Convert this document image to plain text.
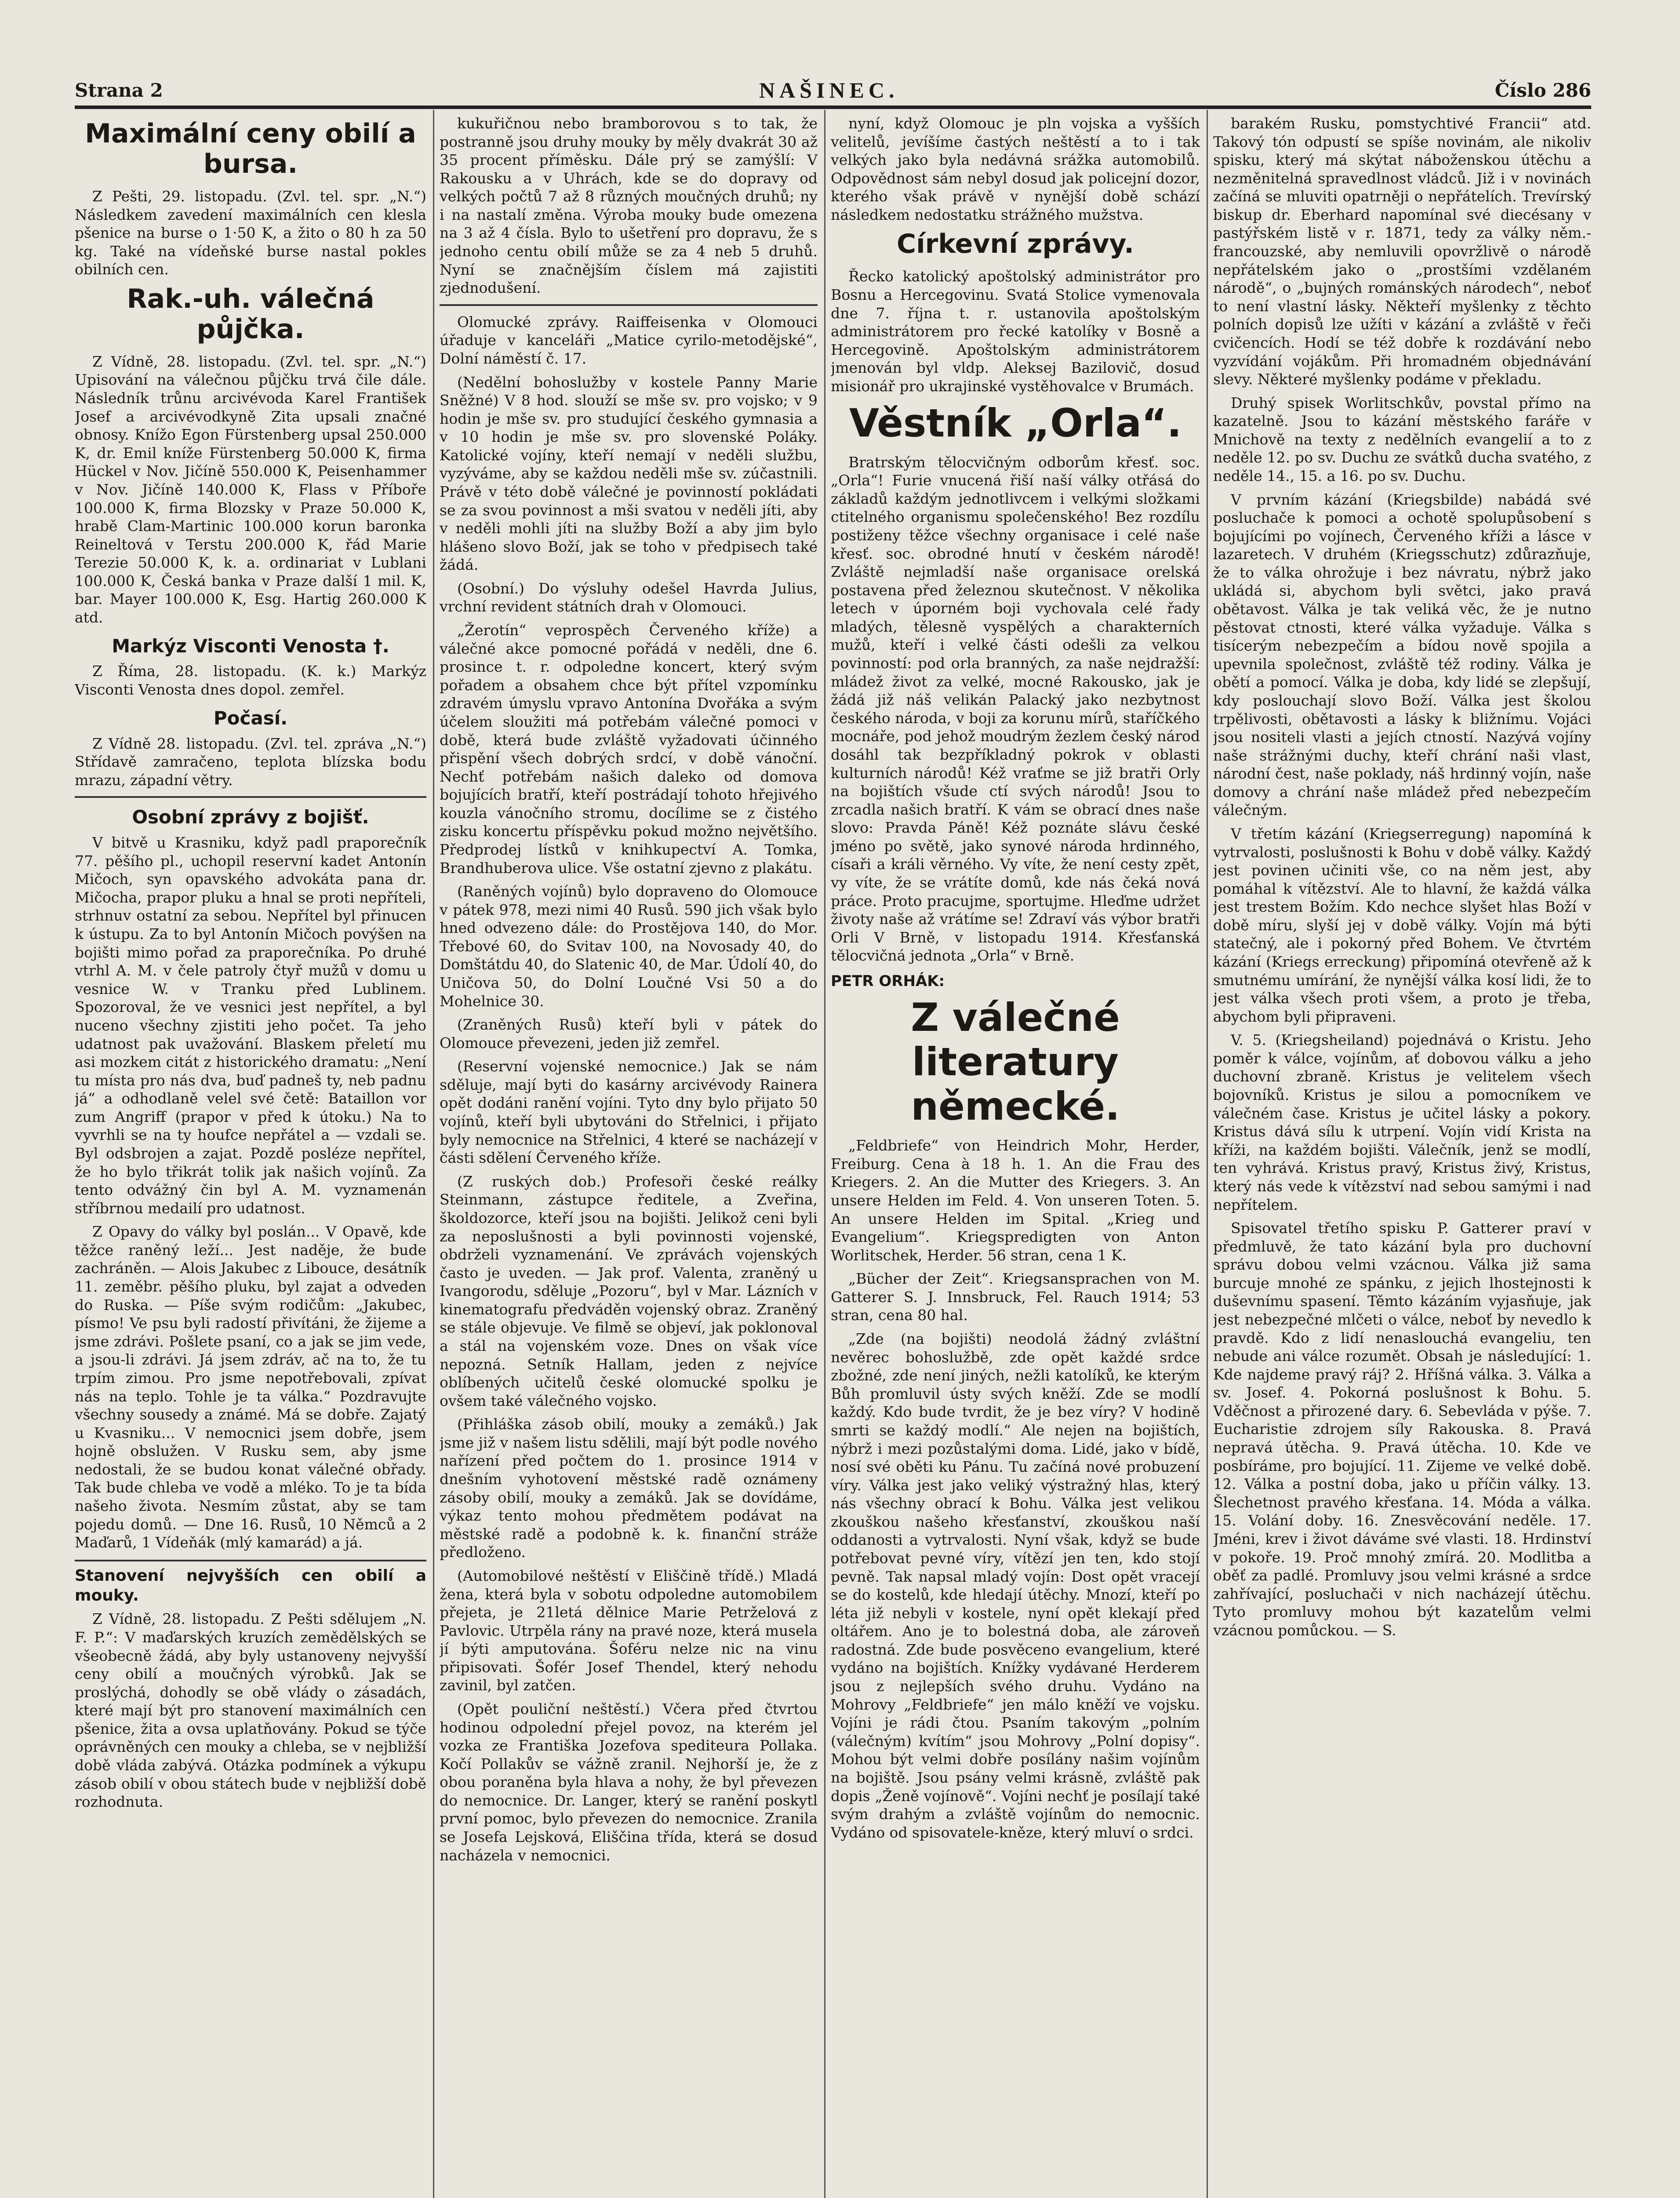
Strana 2	NAŠINEC.	Číslo 286
Maximální ceny obilí a bursa.

Z Pešti, 29. listopadu. (Zvl. tel. spr. „N.“) Následkem zavedení maximálních cen klesla pšenice na burse o 1·50 K, a žito o 80 h za 50 kg. Také na vídeňské burse nastal pokles obilních cen.

Rak.-uh. válečná půjčka.

Z Vídně, 28. listopadu. (Zvl. tel. spr. „N.“) Upisování na válečnou půjčku trvá čile dále. Následník trůnu arcivévoda Karel František Josef a arcivévodkyně Zita upsali značné obnosy. Knížo Egon Fürstenberg upsal 250.000 K, dr. Emil kníže Fürstenberg 50.000 K, firma Hückel v Nov. Jičíně 550.000 K, Peisenhammer v Nov. Jičíně 140.000 K, Flass v Příboře 100.000 K, firma Blozsky v Praze 50.000 K, hrabě Clam-Martinic 100.000 korun baronka Reineltová v Terstu 200.000 K, řád Marie Terezie 50.000 K, k. a. ordinariat v Lublani 100.000 K, Česká banka v Praze další 1 mil. K, bar. Mayer 100.000 K, Esg. Hartig 260.000 K atd.

Markýz Visconti Venosta †.

Z Říma, 28. listopadu. (K. k.) Markýz Visconti Venosta dnes dopol. zemřel.

Počasí.

Z Vídně 28. listopadu. (Zvl. tel. zpráva „N.“) Střídavě zamračeno, teplota blízska bodu mrazu, západní větry.

Osobní zprávy z bojišť.

V bitvě u Krasniku, když padl praporečník 77. pěšího pl., uchopil reservní kadet Antonín Mičoch, syn opavského advokáta pana dr. Mičocha, prapor pluku a hnal se proti nepříteli, strhnuv ostatní za sebou. Nepřítel byl přinucen k ústupu. Za to byl Antonín Mičoch povýšen na bojišti mimo pořad za praporečníka. Po druhé vtrhl A. M. v čele patroly čtyř mužů v domu u vesnice W. v Tranku před Lublinem. Spozoroval, že ve vesnici jest nepřítel, a byl nuceno všechny zjistiti jeho počet. Ta jeho udatnost pak uvažování. Blaskem přeletí mu asi mozkem citát z historického dramatu: „Není tu místa pro nás dva, buď padneš ty, neb padnu já“ a odhodlaně velel své četě: Bataillon vor zum Angriff (prapor v před k útoku.) Na to vyvrhli se na ty houfce nepřátel a — vzdali se. Byl odsbrojen a zajat. Pozdě posléze nepřítel, že ho bylo třikrát tolik jak našich vojínů. Za tento odvážný čin byl A. M. vyznamenán stříbrnou medailí pro udatnost.

Z Opavy do války byl poslán... V Opavě, kde těžce raněný leží... Jest naděje, že bude zachráněn. — Alois Jakubec z Libouce, desátník 11. zeměbr. pěšího pluku, byl zajat a odveden do Ruska. — Píše svým rodičům: „Jakubec, písmo! Ve psu byli radostí přivítáni, že žijeme a jsme zdrávi. Pošlete psaní, co a jak se jim vede, a jsou-li zdrávi. Já jsem zdráv, ač na to, že tu trpím zimou. Pro jsme nepotřebovali, zpívat nás na teplo. Tohle je ta válka.“ Pozdravujte všechny sousedy a známé. Má se dobře. Zajatý u Kvasniku... V nemocnici jsem dobře, jsem hojně obslužen. V Rusku sem, aby jsme nedostali, že se budou konat válečné obřady. Tak bude chleba ve vodě a mléko. To je ta bída našeho života. Nesmím zůstat, aby se tam pojedu domů. — Dne 16. Rusů, 10 Němců a 2 Maďarů, 1 Vídeňák (mlý kamarád) a já.

Stanovení nejvyšších cen obilí a mouky.

Z Vídně, 28. listopadu. Z Pešti sdělujem „N. F. P.“: V maďarských kruzích zemědělských se všeobecně žádá, aby byly ustanoveny nejvyšší ceny obilí a moučných výrobků. Jak se proslýchá, dohodly se obě vlády o zásadách, které mají být pro stanovení maximálních cen pšenice, žita a ovsa uplatňovány. Pokud se týče oprávněných cen mouky a chleba, se v nejbližší době vláda zabývá. Otázka podmínek a výkupu zásob obilí v obou státech bude v nejbližší době rozhodnuta.

kukuřičnou nebo bramborovou s to tak, že postranně jsou druhy mouky by měly dvakrát 30 až 35 procent příměsku. Dále prý se zamýšlí: V Rakousku a v Uhrách, kde se do dopravy od velkých počtů 7 až 8 různých moučných druhů; ny i na nastalí změna. Výroba mouky bude omezena na 3 až 4 čísla. Bylo to ušetření pro dopravu, že s jednoho centu obilí může se za 4 neb 5 druhů. Nyní se značnějším číslem má zajistiti zjednodušení.

Olomucké zprávy. Raiffeisenka v Olomouci úřaduje v kanceláři „Matice cyrilo-metodějské“, Dolní náměstí č. 17.

(Nedělní bohoslužby v kostele Panny Marie Sněžné) V 8 hod. slouží se mše sv. pro vojsko; v 9 hodin je mše sv. pro studující českého gymnasia a v 10 hodin je mše sv. pro slovenské Poláky. Katolické vojíny, kteří nemají v neděli službu, vyzýváme, aby se každou neděli mše sv. zúčastnili. Právě v této době válečné je povinností pokládati se za svou povinnost a mši svatou v neděli jíti, aby v neděli mohli jíti na služby Boží a aby jim bylo hlášeno slovo Boží, jak se toho v předpisech také žádá.

(Osobní.) Do výsluhy odešel Havrda Julius, vrchní revident státních drah v Olomouci.

„Žerotín“ veprospěch Červeného kříže) a válečné akce pomocné pořádá v neděli, dne 6. prosince t. r. odpoledne koncert, který svým pořadem a obsahem chce být přítel vzpomínku zdravém úmyslu vpravo Antonína Dvořáka a svým účelem sloužiti má potřebám válečné pomoci v době, která bude zvláště vyžadovati účinného přispění všech dobrých srdcí, v době vánoční. Nechť potřebám našich daleko od domova bojujících bratří, kteří postrádají tohoto hřejivého kouzla vánočního stromu, docílime se z čistého zisku koncertu příspěvku pokud možno největšího. Předprodej lístků v knihkupectví A. Tomka, Brandhuberova ulice. Vše ostatní zjevno z plakátu.

(Raněných vojínů) bylo dopraveno do Olomouce v pátek 978, mezi nimi 40 Rusů. 590 jich však bylo hned odvezeno dále: do Prostějova 140, do Mor. Třebové 60, do Svitav 100, na Novosady 40, do Domštátdu 40, do Slatenic 40, de Mar. Údolí 40, do Uničova 50, do Dolní Loučné Vsi 50 a do Mohelnice 30.

(Zraněných Rusů) kteří byli v pátek do Olomouce převezeni, jeden již zemřel.

(Reservní vojenské nemocnice.) Jak se nám sděluje, mají byti do kasárny arcivévody Rainera opět dodáni ranění vojíni. Tyto dny bylo přijato 50 vojínů, kteří byli ubytováni do Střelnici, i přijato byly nemocnice na Střelnici, 4 které se nacházejí v části sdělení Červeného kříže.

(Z ruských dob.) Profesoři české reálky Steinmann, zástupce ředitele, a Zveřina, školdozorce, kteří jsou na bojišti. Jelikož ceni byli za neposlušnosti a byli povinnosti vojenské, obdrželi vyznamenání. Ve zprávách vojenských často je uveden. — Jak prof. Valenta, zraněný u Ivangorodu, sděluje „Pozoru“, byl v Mar. Lázních v kinematografu předváděn vojenský obraz. Zraněný se stále objevuje. Ve filmě se objeví, jak poklonoval a stál na vojenském voze. Dnes on však více nepozná. Setník Hallam, jeden z nejvíce oblíbených učitelů české olomucké spolku je ovšem také válečného vojsko.

(Přihláška zásob obilí, mouky a zemáků.) Jak jsme již v našem listu sdělili, mají být podle nového nařízení před počtem do 1. prosince 1914 v dnešním vyhotovení městské radě oznámeny zásoby obilí, mouky a zemáků. Jak se dovídáme, výkaz tento mohou předmětem podávat na městské radě a podobně k. k. finanční stráže předloženo.

(Automobilové neštěstí v Eliščině třídě.) Mladá žena, která byla v sobotu odpoledne automobilem přejeta, je 21letá dělnice Marie Petrželová z Pavlovic. Utrpěla rány na pravé noze, která musela jí býti amputována. Šoféru nelze nic na vinu připisovati. Šofér Josef Thendel, který nehodu zavinil, byl zatčen.

(Opět pouliční neštěstí.) Včera před čtvrtou hodinou odpolední přejel povoz, na kterém jel vozka ze Františka Jozefova spediteura Pollaka. Kočí Pollakův se vážně zranil. Nejhorší je, že z obou poraněna byla hlava a nohy, že byl převezen do nemocnice. Dr. Langer, který se ranění poskytl první pomoc, bylo převezen do nemocnice. Zranila se Josefa Lejsková, Eliščina třída, která se dosud nacházela v nemocnici.

nyní, když Olomouc je pln vojska a vyšších velitelů, jevíšíme častých neštěstí a to i tak velkých jako byla nedávná srážka automobilů. Odpovědnost sám nebyl dosud jak policejní dozor, kterého však právě v nynější době schází následkem nedostatku strážného mužstva.

Církevní zprávy.

Řecko katolický apoštolský administrátor pro Bosnu a Hercegovinu. Svatá Stolice vymenovala dne 7. října t. r. ustanovila apoštolským administrátorem pro řecké katolíky v Bosně a Hercegovině. Apoštolským administrátorem jmenován byl vldp. Aleksej Bazilovič, dosud misionář pro ukrajinské vystěhovalce v Brumách.

Věstník „Orla“.

Bratrským tělocvičným odborům křesť. soc. „Orla“! Furie vnucená řiší naší války otřásá do základů každým jednotlivcem i velkými složkami ctitelného organismu společenského! Bez rozdílu postiženy těžce všechny organisace i celé naše křesť. soc. obrodné hnutí v českém národě! Zvláště nejmladší naše organisace orelská postavena před železnou skutečnost. V několika letech v úporném boji vychovala celé řady mladých, tělesně vyspělých a charakterních mužů, kteří i velké části odešli za velkou povinností: pod orla branných, za naše nejdražší: mládež život za velké, mocné Rakousko, jak je žádá již náš velikán Palacký jako nezbytnost českého národa, v boji za korunu mírů, staříčkého mocnáře, pod jehož moudrým žezlem český národ dosáhl tak bezpříkladný pokrok v oblasti kulturních národů! Kéž vraťme se již bratři Orly na bojištích všude ctí svých národů! Jsou to zrcadla našich bratří. K vám se obrací dnes naše slovo: Pravda Páně! Kéž poznáte slávu české jméno po světě, jako synové národa hrdinného, císaři a králi věrného. Vy víte, že není cesty zpět, vy víte, že se vrátíte domů, kde nás čeká nová práce. Proto pracujme, sportujme. Hleďme udržet životy naše až vrátíme se! Zdraví vás výbor bratři Orli V Brně, v listopadu 1914. Křesťanská tělocvičná jednota „Orla“ v Brně.

PETR ORHÁK:
Z válečné literatury německé.

„Feldbriefe“ von Heindrich Mohr, Herder, Freiburg. Cena à 18 h. 1. An die Frau des Kriegers. 2. An die Mutter des Kriegers. 3. An unsere Helden im Feld. 4. Von unseren Toten. 5. An unsere Helden im Spital. „Krieg und Evangelium“. Kriegspredigten von Anton Worlitschek, Herder. 56 stran, cena 1 K.

„Bücher der Zeit“. Kriegsansprachen von M. Gatterer S. J. Innsbruck, Fel. Rauch 1914; 53 stran, cena 80 hal.

„Zde (na bojišti) neodolá žádný zvláštní nevěrec bohoslužbě, zde opět každé srdce zbožné, zde není jiných, nežli katolíků, ke kterým Bůh promluvil ústy svých kněží. Zde se modlí každý. Kdo bude tvrdit, že je bez víry? V hodině smrti se každý modlí.“ Ale nejen na bojištích, nýbrž i mezi pozůstalými doma. Lidé, jako v bídě, nosí své oběti ku Pánu. Tu začíná nové probuzení víry. Válka jest jako veliký výstražný hlas, který nás všechny obrací k Bohu. Válka jest velikou zkouškou našeho křesťanství, zkouškou naší oddanosti a vytrvalosti. Nyní však, když se bude potřebovat pevné víry, vítězí jen ten, kdo stojí pevně. Tak napsal mladý vojín: Dost opět vracejí se do kostelů, kde hledají útěchy. Mnozí, kteří po léta již nebyli v kostele, nyní opět klekají před oltářem. Ano je to bolestná doba, ale zároveň radostná. Zde bude posvěceno evangelium, které vydáno na bojištích. Knížky vydávané Herderem jsou z nejlepších svého druhu. Vydáno na Mohrovy „Feldbriefe“ jen málo kněží ve vojsku. Vojíni je rádi čtou. Psaním takovým „polním (válečným) kvítím“ jsou Mohrovy „Polní dopisy“. Mohou být velmi dobře posílány našim vojínům na bojiště. Jsou psány velmi krásně, zvláště pak dopis „Ženě vojínově“. Vojíni nechť je posílají také svým drahým a zvláště vojínům do nemocnic. Vydáno od spisovatele-kněze, který mluví o srdci.

barakém Rusku, pomstychtivé Francii“ atd. Takový tón odpustí se spíše novinám, ale nikoliv spisku, který má skýtat náboženskou útěchu a nezměnitelná spravedlnost vládců. Již i v novinách začíná se mluviti opatrněji o nepřátelích. Trevírský biskup dr. Eberhard napomínal své diecésany v pastýřském listě v r. 1871, tedy za války něm.-francouzské, aby nemluvili opovržlivě o národě nepřátelském jako o „prostšími vzdělaném národě“, o „bujných románských národech“, neboť to není vlastní lásky. Někteří myšlenky z těchto polních dopisů lze užíti v kázání a zvláště v řeči cvičencích. Hodí se též dobře k rozdávání nebo vyzvídání vojákům. Při hromadném objednávání slevy. Některé myšlenky podáme v překladu.

Druhý spisek Worlitschkův, povstal přímo na kazatelně. Jsou to kázání městského faráře v Mnichově na texty z nedělních evangelií a to z neděle 12. po sv. Duchu ze svátků ducha svatého, z neděle 14., 15. a 16. po sv. Duchu.

V prvním kázání (Kriegsbilde) nabádá své posluchače k pomoci a ochotě spolupůsobení s bojujícími po vojínech, Červeného kříži a lásce v lazaretech. V druhém (Kriegsschutz) zdůrazňuje, že to válka ohrožuje i bez návratu, nýbrž jako ukládá si, abychom byli světci, jako pravá obětavost. Válka je tak veliká věc, že je nutno pěstovat ctnosti, které válka vyžaduje. Válka s tisícerým nebezpečím a bídou nově spojila a upevnila společnost, zvláště též rodiny. Válka je obětí a pomocí. Válka je doba, kdy lidé se zlepšují, kdy poslouchají slovo Boží. Válka jest školou trpělivosti, obětavosti a lásky k bližnímu. Vojáci jsou nositeli vlasti a jejích ctností. Nazývá vojíny naše strážnými duchy, kteří chrání naši vlast, národní čest, naše poklady, náš hrdinný vojín, naše domovy a chrání naše mládež před nebezpečím válečným.

V třetím kázání (Kriegserregung) napomíná k vytrvalosti, poslušnosti k Bohu v době války. Každý jest povinen učiniti vše, co na něm jest, aby pomáhal k vítězství. Ale to hlavní, že každá válka jest trestem Božím. Kdo nechce slyšet hlas Boží v době míru, slyší jej v době války. Vojín má býti statečný, ale i pokorný před Bohem. Ve čtvrtém kázání (Kriegs erreckung) připomíná otevřeně až k smutnému umírání, že nynější válka kosí lidi, že to jest válka všech proti všem, a proto je třeba, abychom byli připraveni.

V. 5. (Kriegsheiland) pojednává o Kristu. Jeho poměr k válce, vojínům, ať dobovou válku a jeho duchovní zbraně. Kristus je velitelem všech bojovníků. Kristus je silou a pomocníkem ve válečném čase. Kristus je učitel lásky a pokory. Kristus dává sílu k utrpení. Vojín vidí Krista na kříži, na každém bojišti. Válečník, jenž se modlí, ten vyhrává. Kristus pravý, Kristus živý, Kristus, který nás vede k vítězství nad sebou samými i nad nepřítelem.

Spisovatel třetího spisku P. Gatterer praví v předmluvě, že tato kázání byla pro duchovní správu dobou velmi vzácnou. Válka již sama burcuje mnohé ze spánku, z jejich lhostejnosti k duševnímu spasení. Těmto kázáním vyjasňuje, jak jest nebezpečné mlčeti o válce, neboť by nevedlo k pravdě. Kdo z lidí nenaslouchá evangeliu, ten nebude ani válce rozumět. Obsah je následující: 1. Kde najdeme pravý ráj? 2. Hříšná válka. 3. Válka a sv. Josef. 4. Pokorná poslušnost k Bohu. 5. Vděčnost a přirozené dary. 6. Sebevláda v pýše. 7. Eucharistie zdrojem síly Rakouska. 8. Pravá nepravá útěcha. 9. Pravá útěcha. 10. Kde ve posbíráme, pro bojující. 11. Zijeme ve velké době. 12. Válka a postní doba, jako u příčin války. 13. Šlechetnost pravého křesťana. 14. Móda a válka. 15. Volání doby. 16. Znesvěcování neděle. 17. Jméni, krev i život dáváme své vlasti. 18. Hrdinství v pokoře. 19. Proč mnohý zmírá. 20. Modlitba a oběť za padlé. Promluvy jsou velmi krásné a srdce zahřívající, posluchači v nich nacházejí útěchu. Tyto promluvy mohou být kazatelům velmi vzácnou pomůckou. — S.
